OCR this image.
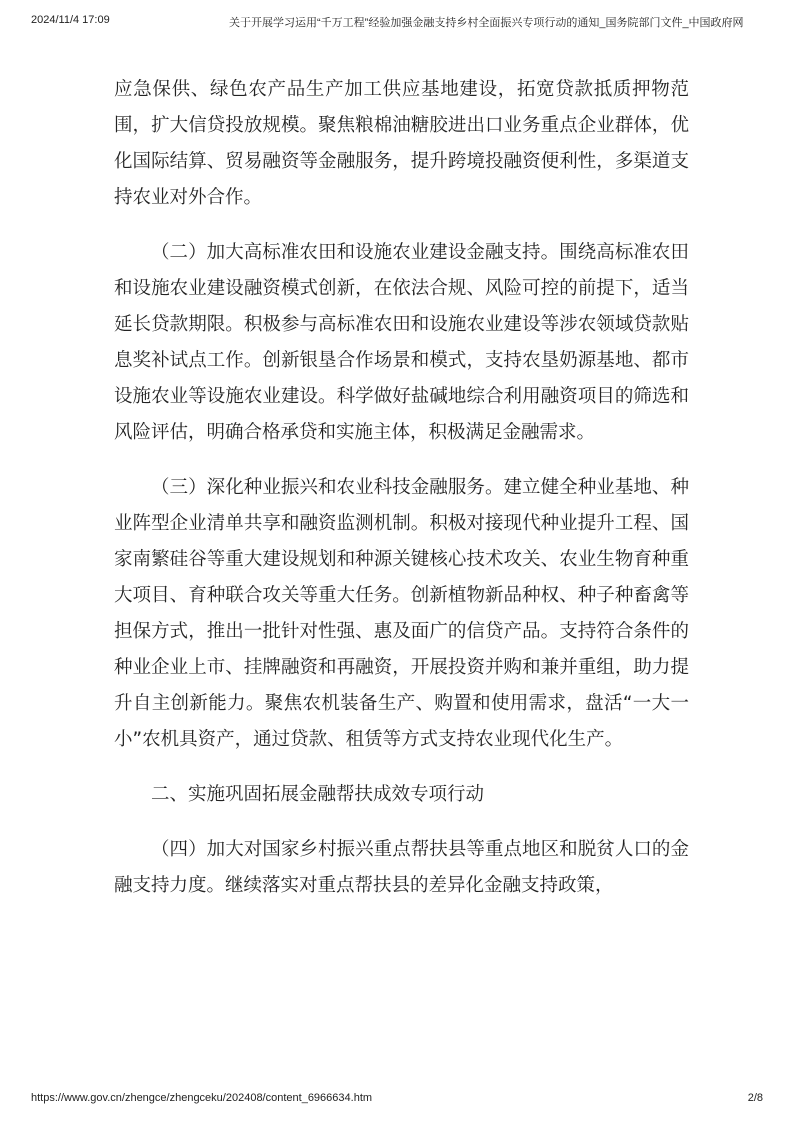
2024/11/4 17:09	关于开展学习运用“千万工程”经验加强金融支持乡村全面振兴专项行动的通知_国务院部门文件_中国政府网

应急保供、绿色农产品生产加工供应基地建设，拓宽贷款抵质押物范围，扩大信贷投放规模。聚焦粮棉油糖胶进出口业务重点企业群体，优化国际结算、贸易融资等金融服务，提升跨境投融资便利性，多渠道支持农业对外合作。

（二）加大高标准农田和设施农业建设金融支持。围绕高标准农田和设施农业建设融资模式创新，在依法合规、风险可控的前提下，适当延长贷款期限。积极参与高标准农田和设施农业建设等涉农领域贷款贴息奖补试点工作。创新银垦合作场景和模式，支持农垦奶源基地、都市设施农业等设施农业建设。科学做好盐碱地综合利用融资项目的筛选和风险评估，明确合格承贷和实施主体，积极满足金融需求。

（三）深化种业振兴和农业科技金融服务。建立健全种业基地、种业阵型企业清单共享和融资监测机制。积极对接现代种业提升工程、国家南繁硅谷等重大建设规划和种源关键核心技术攻关、农业生物育种重大项目、育种联合攻关等重大任务。创新植物新品种权、种子种畜禽等担保方式，推出一批针对性强、惠及面广的信贷产品。支持符合条件的种业企业上市、挂牌融资和再融资，开展投资并购和兼并重组，助力提升自主创新能力。聚焦农机装备生产、购置和使用需求，盘活“一大一小”农机具资产，通过贷款、租赁等方式支持农业现代化生产。

二、实施巩固拓展金融帮扶成效专项行动

（四）加大对国家乡村振兴重点帮扶县等重点地区和脱贫人口的金融支持力度。继续落实对重点帮扶县的差异化金融支持政策，

https://www.gov.cn/zhengce/zhengceku/202408/content_6966634.htm	2/8
